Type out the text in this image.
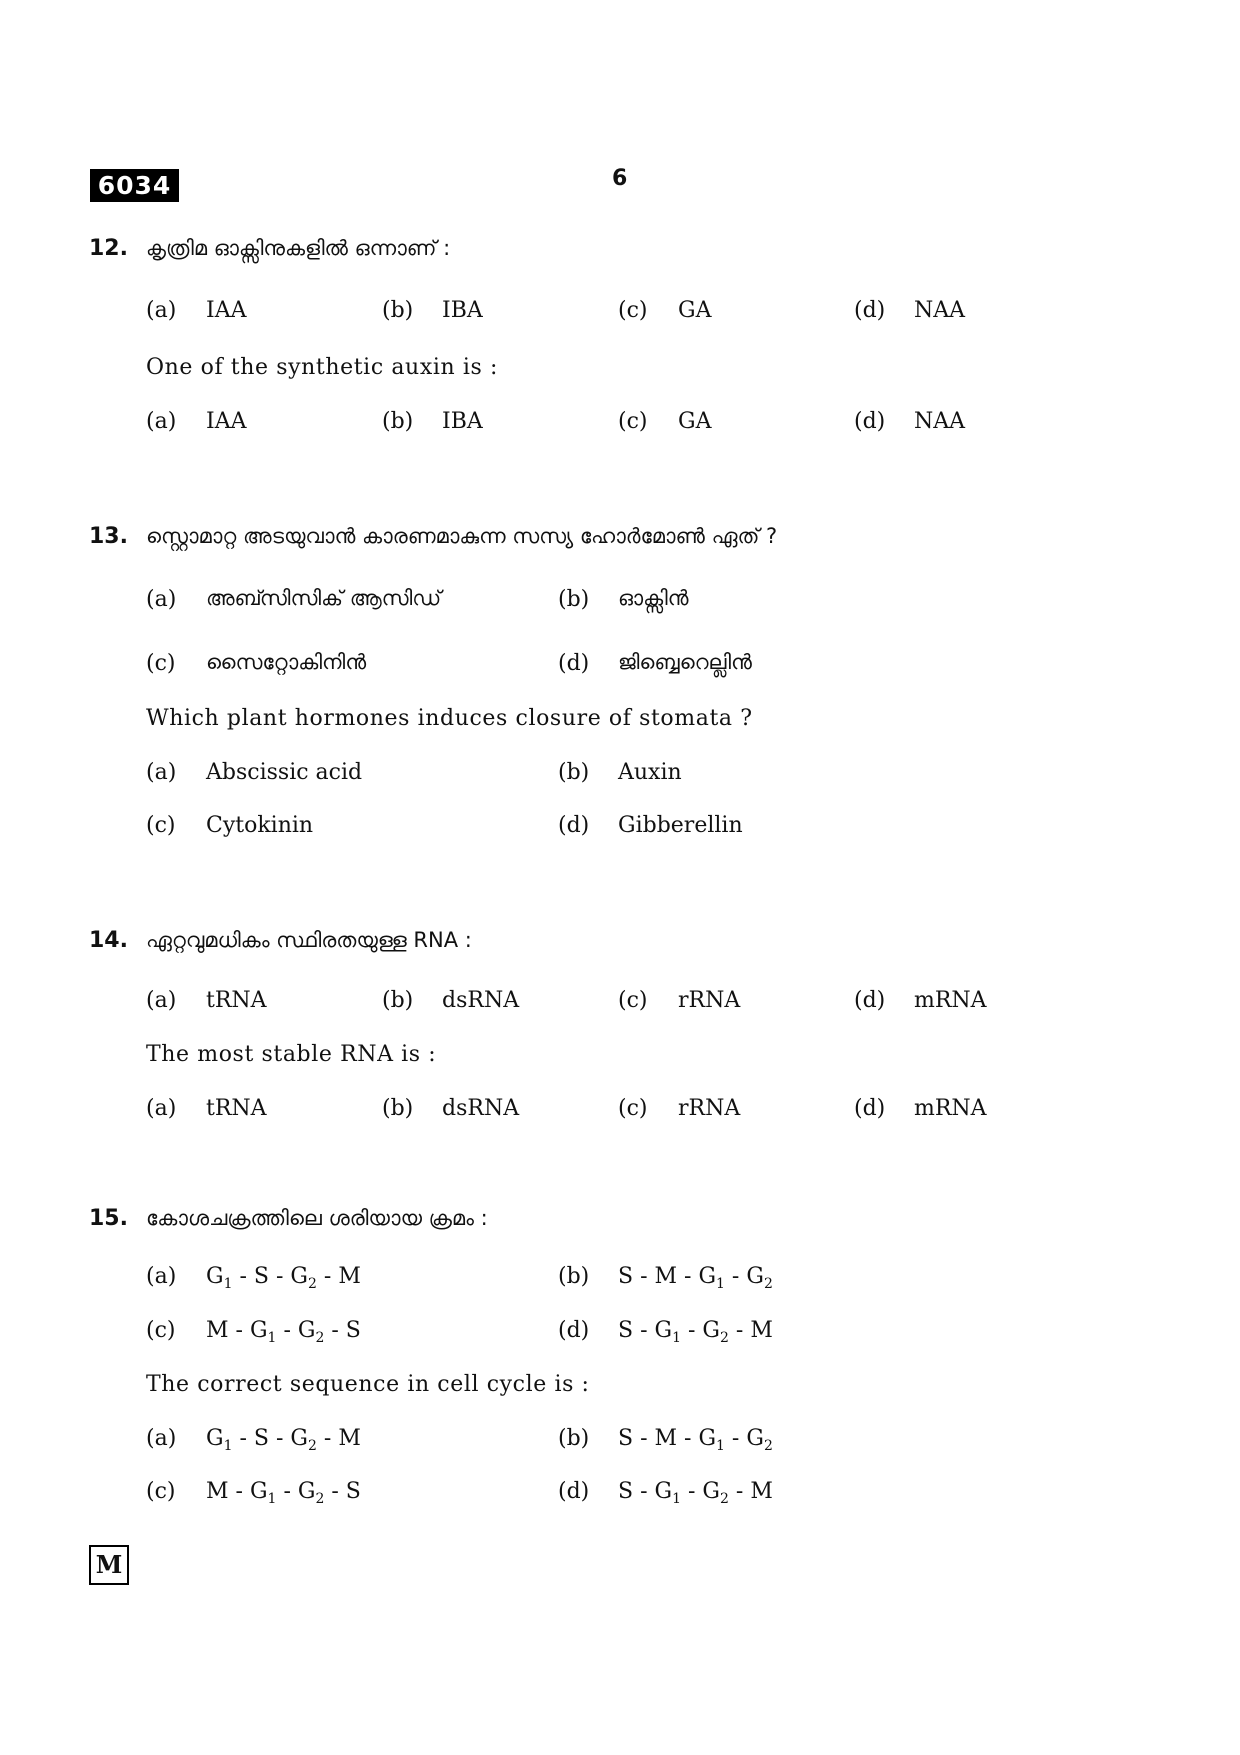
6034	6
12. കൃത്രിമ ഓക്സിനുകളിൽ ഒന്നാണ് :
(a) IAA	(b) IBA	(c) GA	(d) NAA
One of the synthetic auxin is :
(a) IAA	(b) IBA	(c) GA	(d) NAA
13. സ്റ്റൊമാറ്റ അടയുവാൻ കാരണമാകുന്ന സസ്യ ഹോർമോൺ ഏത് ?
(a) അബ്സിസിക് ആസിഡ്	(b) ഓക്സിൻ
(c) സൈറ്റോകിനിൻ	(d) ജിബ്ബെറെല്ലിൻ
Which plant hormones induces closure of stomata ?
(a) Abscissic acid	(b) Auxin
(c) Cytokinin	(d) Gibberellin
14. ഏറ്റവുമധികം സ്ഥിരതയുള്ള RNA :
(a) tRNA	(b) dsRNA	(c) rRNA	(d) mRNA
The most stable RNA is :
(a) tRNA	(b) dsRNA	(c) rRNA	(d) mRNA
15. കോശചക്രത്തിലെ ശരിയായ ക്രമം :
(a) $G_1$ - S - $G_2$ - M	(b) S - M - $G_1 - G_2$
(c) M - $G_1 - G_2$ - S	(d) S - $G_1 - G_2$ - M
The correct sequence in cell cycle is :
(a) $G_1$ - S - $G_2$ - M	(b) S - M - $G_1 - G_2$
(c) M - $G_1 - G_2$ - S	(d) S - $G_1 - G_2$ - M
M
